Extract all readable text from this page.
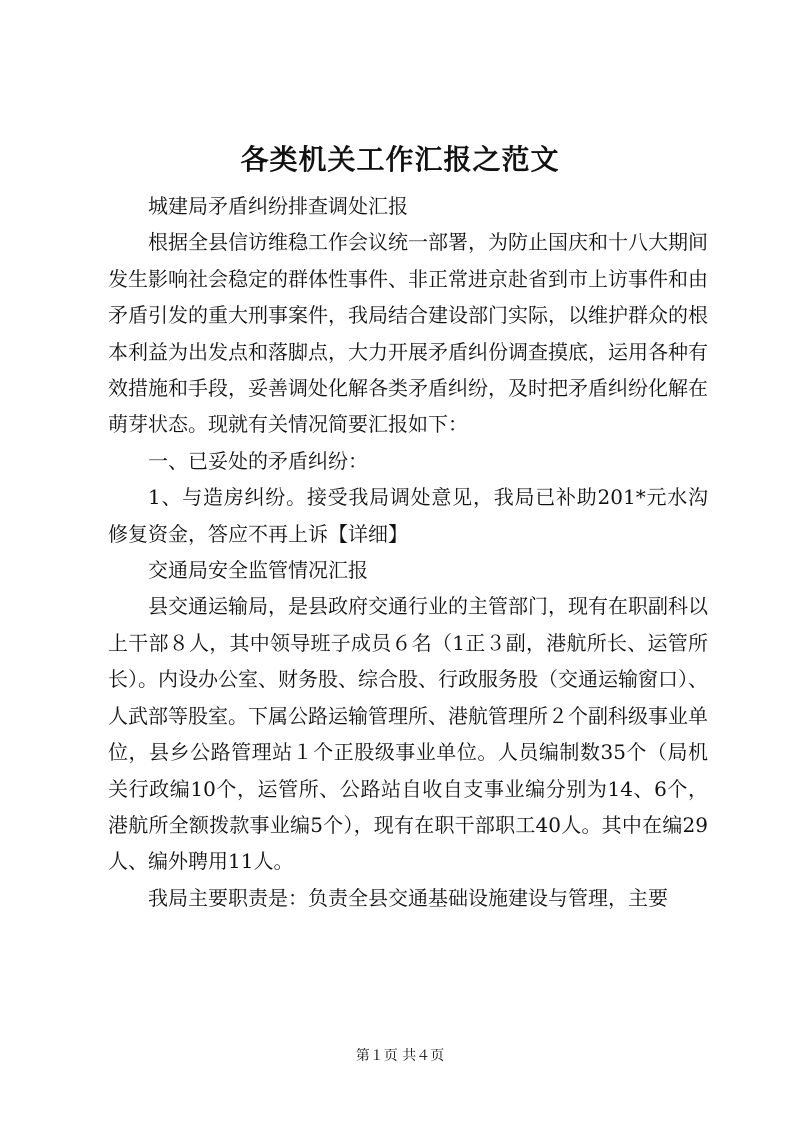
各类机关工作汇报之范文

城建局矛盾纠纷排查调处汇报

根据全县信访维稳工作会议统一部署，为防止国庆和十八大期间发生影响社会稳定的群体性事件、非正常进京赴省到市上访事件和由矛盾引发的重大刑事案件，我局结合建设部门实际，以维护群众的根本利益为出发点和落脚点，大力开展矛盾纠份调查摸底，运用各种有效措施和手段，妥善调处化解各类矛盾纠纷，及时把矛盾纠纷化解在萌芽状态。现就有关情况简要汇报如下：

一、已妥处的矛盾纠纷：

1、与造房纠纷。接受我局调处意见，我局已补助201*元水沟修复资金，答应不再上诉【详细】

交通局安全监管情况汇报

县交通运输局，是县政府交通行业的主管部门，现有在职副科以上干部８人，其中领导班子成员６名（1正３副，港航所长、运管所长）。内设办公室、财务股、综合股、行政服务股（交通运输窗口）、人武部等股室。下属公路运输管理所、港航管理所２个副科级事业单位，县乡公路管理站１个正股级事业单位。人员编制数35个（局机关行政编10个，运管所、公路站自收自支事业编分别为14、6个，港航所全额拨款事业编5个），现有在职干部职工40人。其中在编29人、编外聘用11人。

我局主要职责是：负责全县交通基础设施建设与管理，主要

第１页 共４页
